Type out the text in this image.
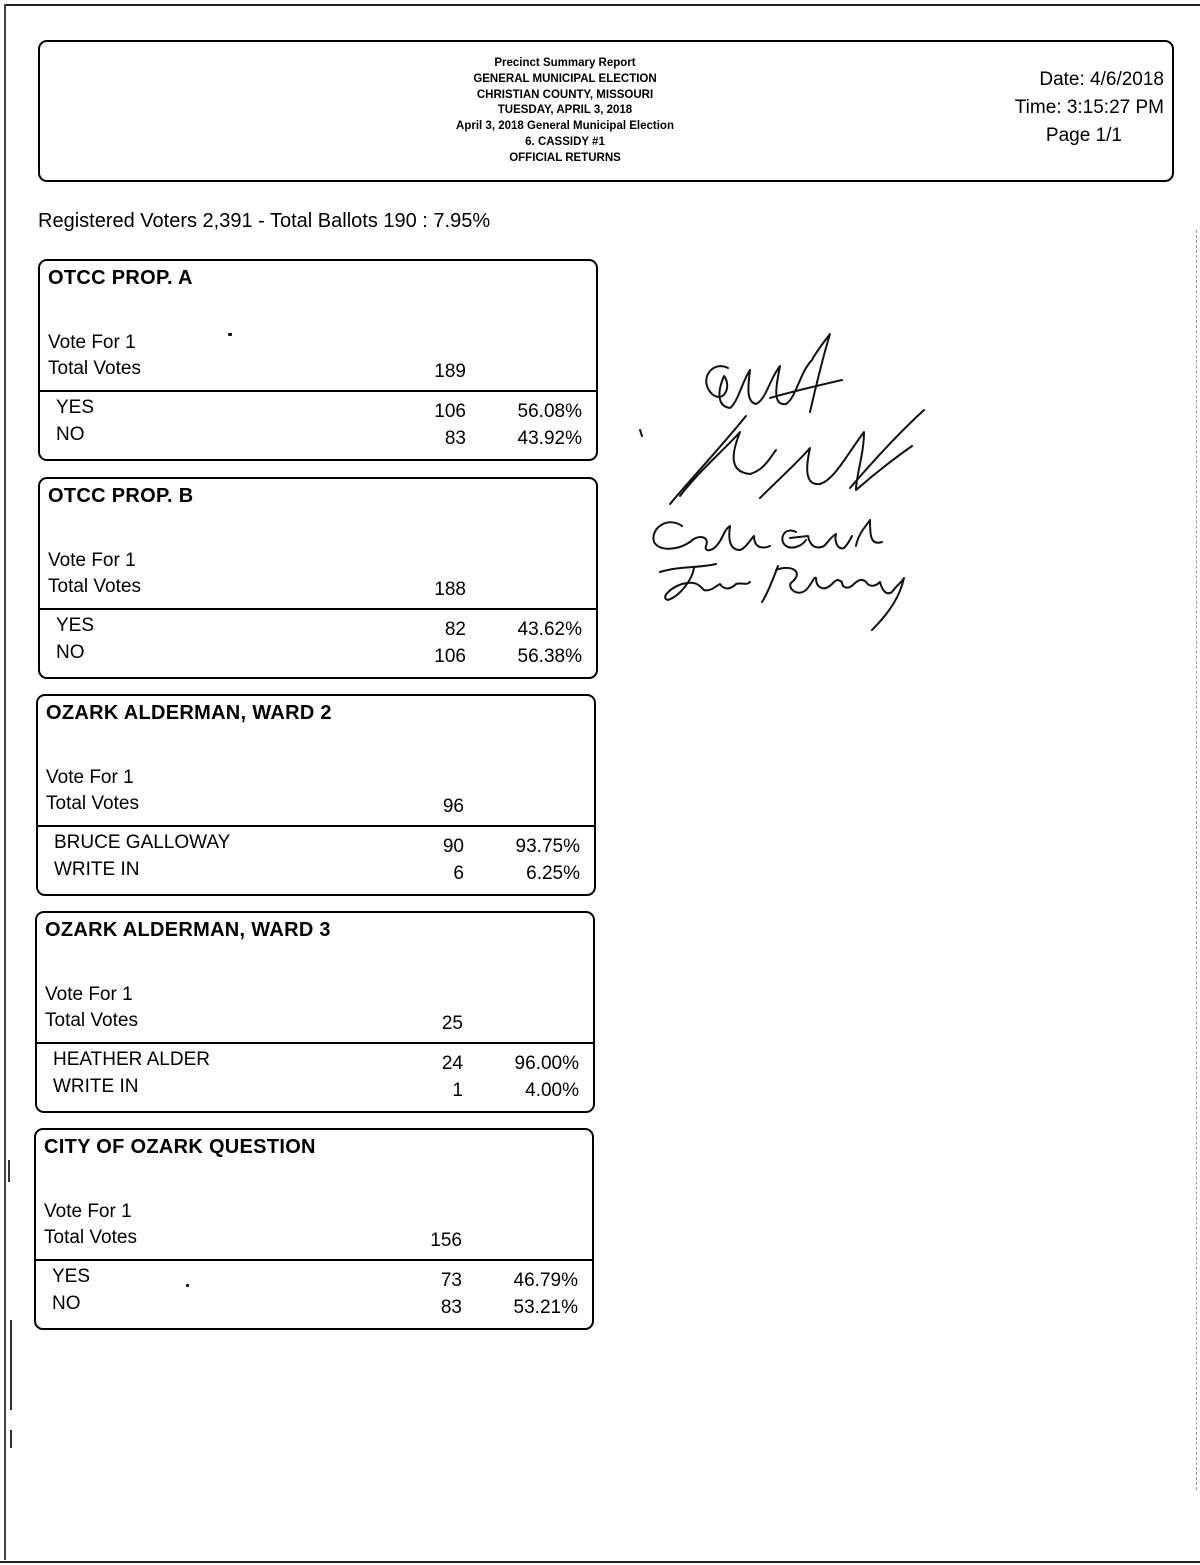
Precinct Summary Report
GENERAL MUNICIPAL ELECTION
CHRISTIAN COUNTY, MISSOURI
TUESDAY, APRIL 3, 2018
April 3, 2018 General Municipal Election
6. CASSIDY #1
OFFICIAL RETURNS
Date: 4/6/2018
Time: 3:15:27 PM
Page 1/1
Registered Voters 2,391 - Total Ballots 190 : 7.95%
OTCC PROP. A
Vote For 1
Total Votes	189
YES	106	56.08%
NO	83	43.92%
OTCC PROP. B
Vote For 1
Total Votes	188
YES	82	43.62%
NO	106	56.38%
OZARK ALDERMAN, WARD 2
Vote For 1
Total Votes	96
BRUCE GALLOWAY	90	93.75%
WRITE IN	6	6.25%
OZARK ALDERMAN, WARD 3
Vote For 1
Total Votes	25
HEATHER ALDER	24	96.00%
WRITE IN	1	4.00%
CITY OF OZARK QUESTION
Vote For 1
Total Votes	156
YES	73	46.79%
NO	83	53.21%
